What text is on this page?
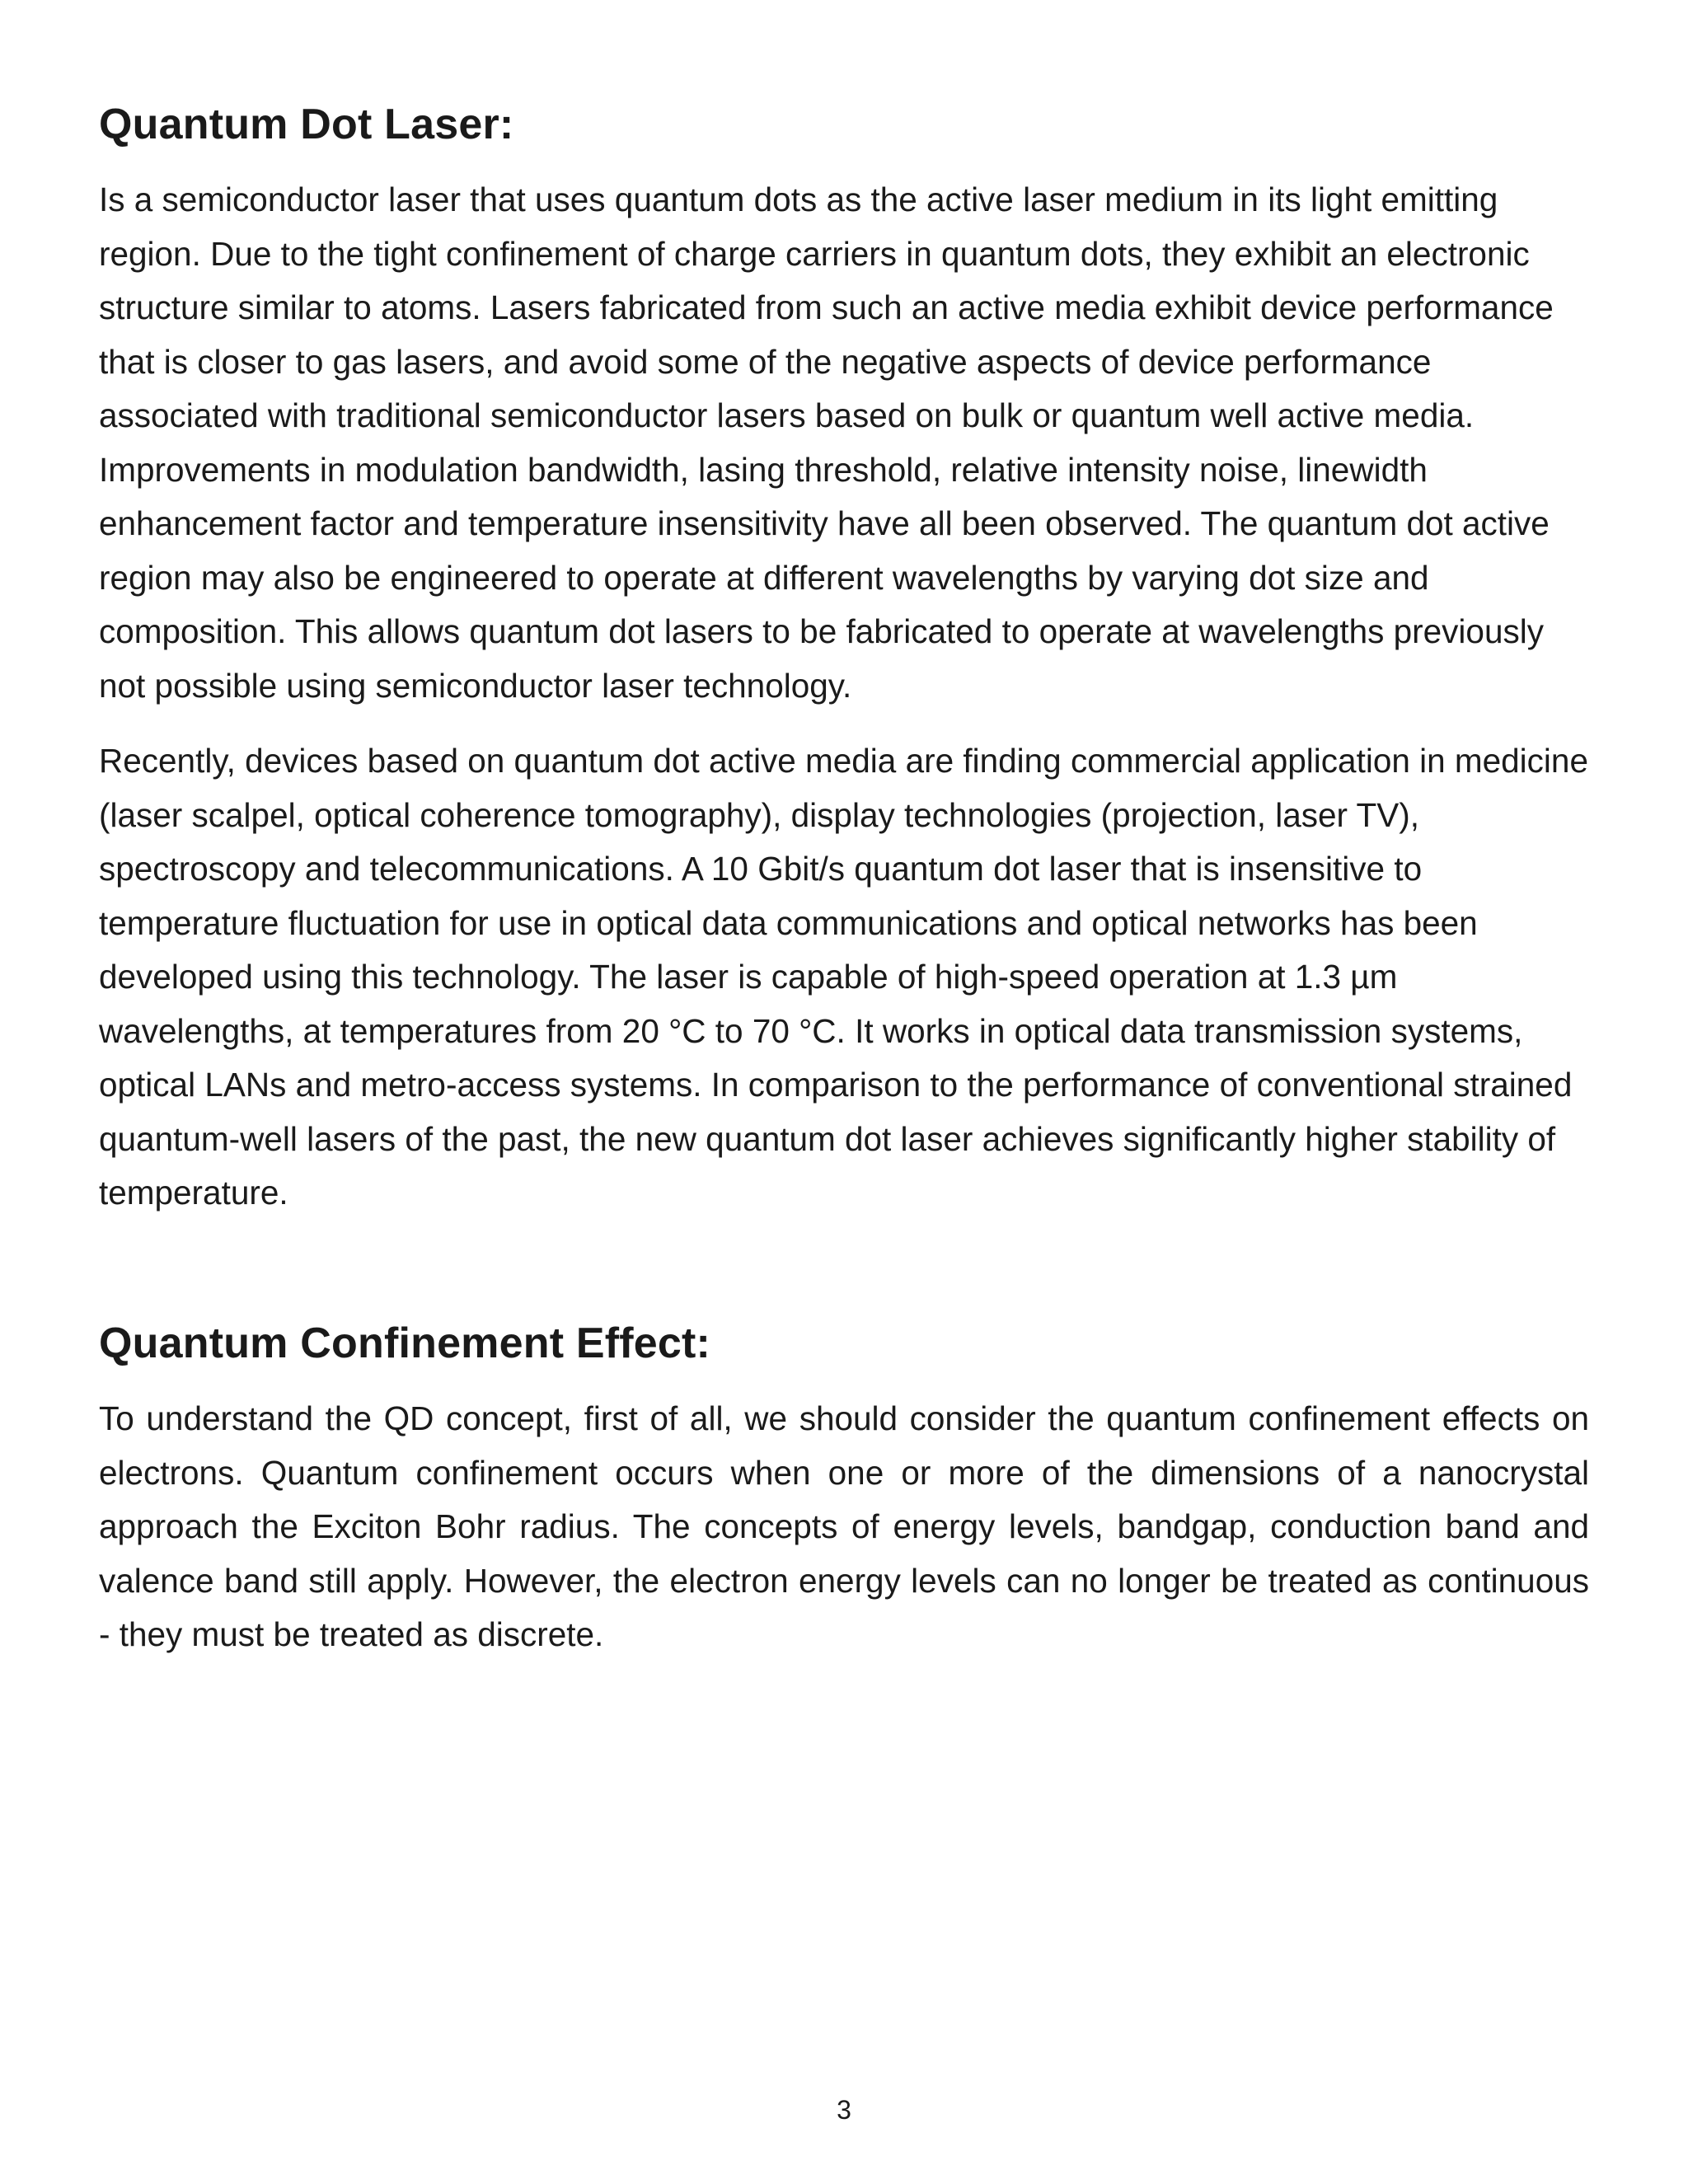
Quantum Dot Laser:

Is a semiconductor laser that uses quantum dots as the active laser medium in its light emitting region. Due to the tight confinement of charge carriers in quantum dots, they exhibit an electronic structure similar to atoms. Lasers fabricated from such an active media exhibit device performance that is closer to gas lasers, and avoid some of the negative aspects of device performance associated with traditional semiconductor lasers based on bulk or quantum well active media. Improvements in modulation bandwidth, lasing threshold, relative intensity noise, linewidth enhancement factor and temperature insensitivity have all been observed. The quantum dot active region may also be engineered to operate at different wavelengths by varying dot size and composition. This allows quantum dot lasers to be fabricated to operate at wavelengths previously not possible using semiconductor laser technology.

Recently, devices based on quantum dot active media are finding commercial application in medicine (laser scalpel, optical coherence tomography), display technologies (projection, laser TV), spectroscopy and telecommunications. A 10 Gbit/s quantum dot laser that is insensitive to temperature fluctuation for use in optical data communications and optical networks has been developed using this technology. The laser is capable of high-speed operation at 1.3 µm wavelengths, at temperatures from 20 °C to 70 °C. It works in optical data transmission systems, optical LANs and metro-access systems. In comparison to the performance of conventional strained quantum-well lasers of the past, the new quantum dot laser achieves significantly higher stability of temperature.

Quantum Confinement Effect:

To understand the QD concept, first of all, we should consider the quantum confinement effects on electrons. Quantum confinement occurs when one or more of the dimensions of a nanocrystal approach the Exciton Bohr radius. The concepts of energy levels, bandgap, conduction band and valence band still apply. However, the electron energy levels can no longer be treated as continuous - they must be treated as discrete.

3
